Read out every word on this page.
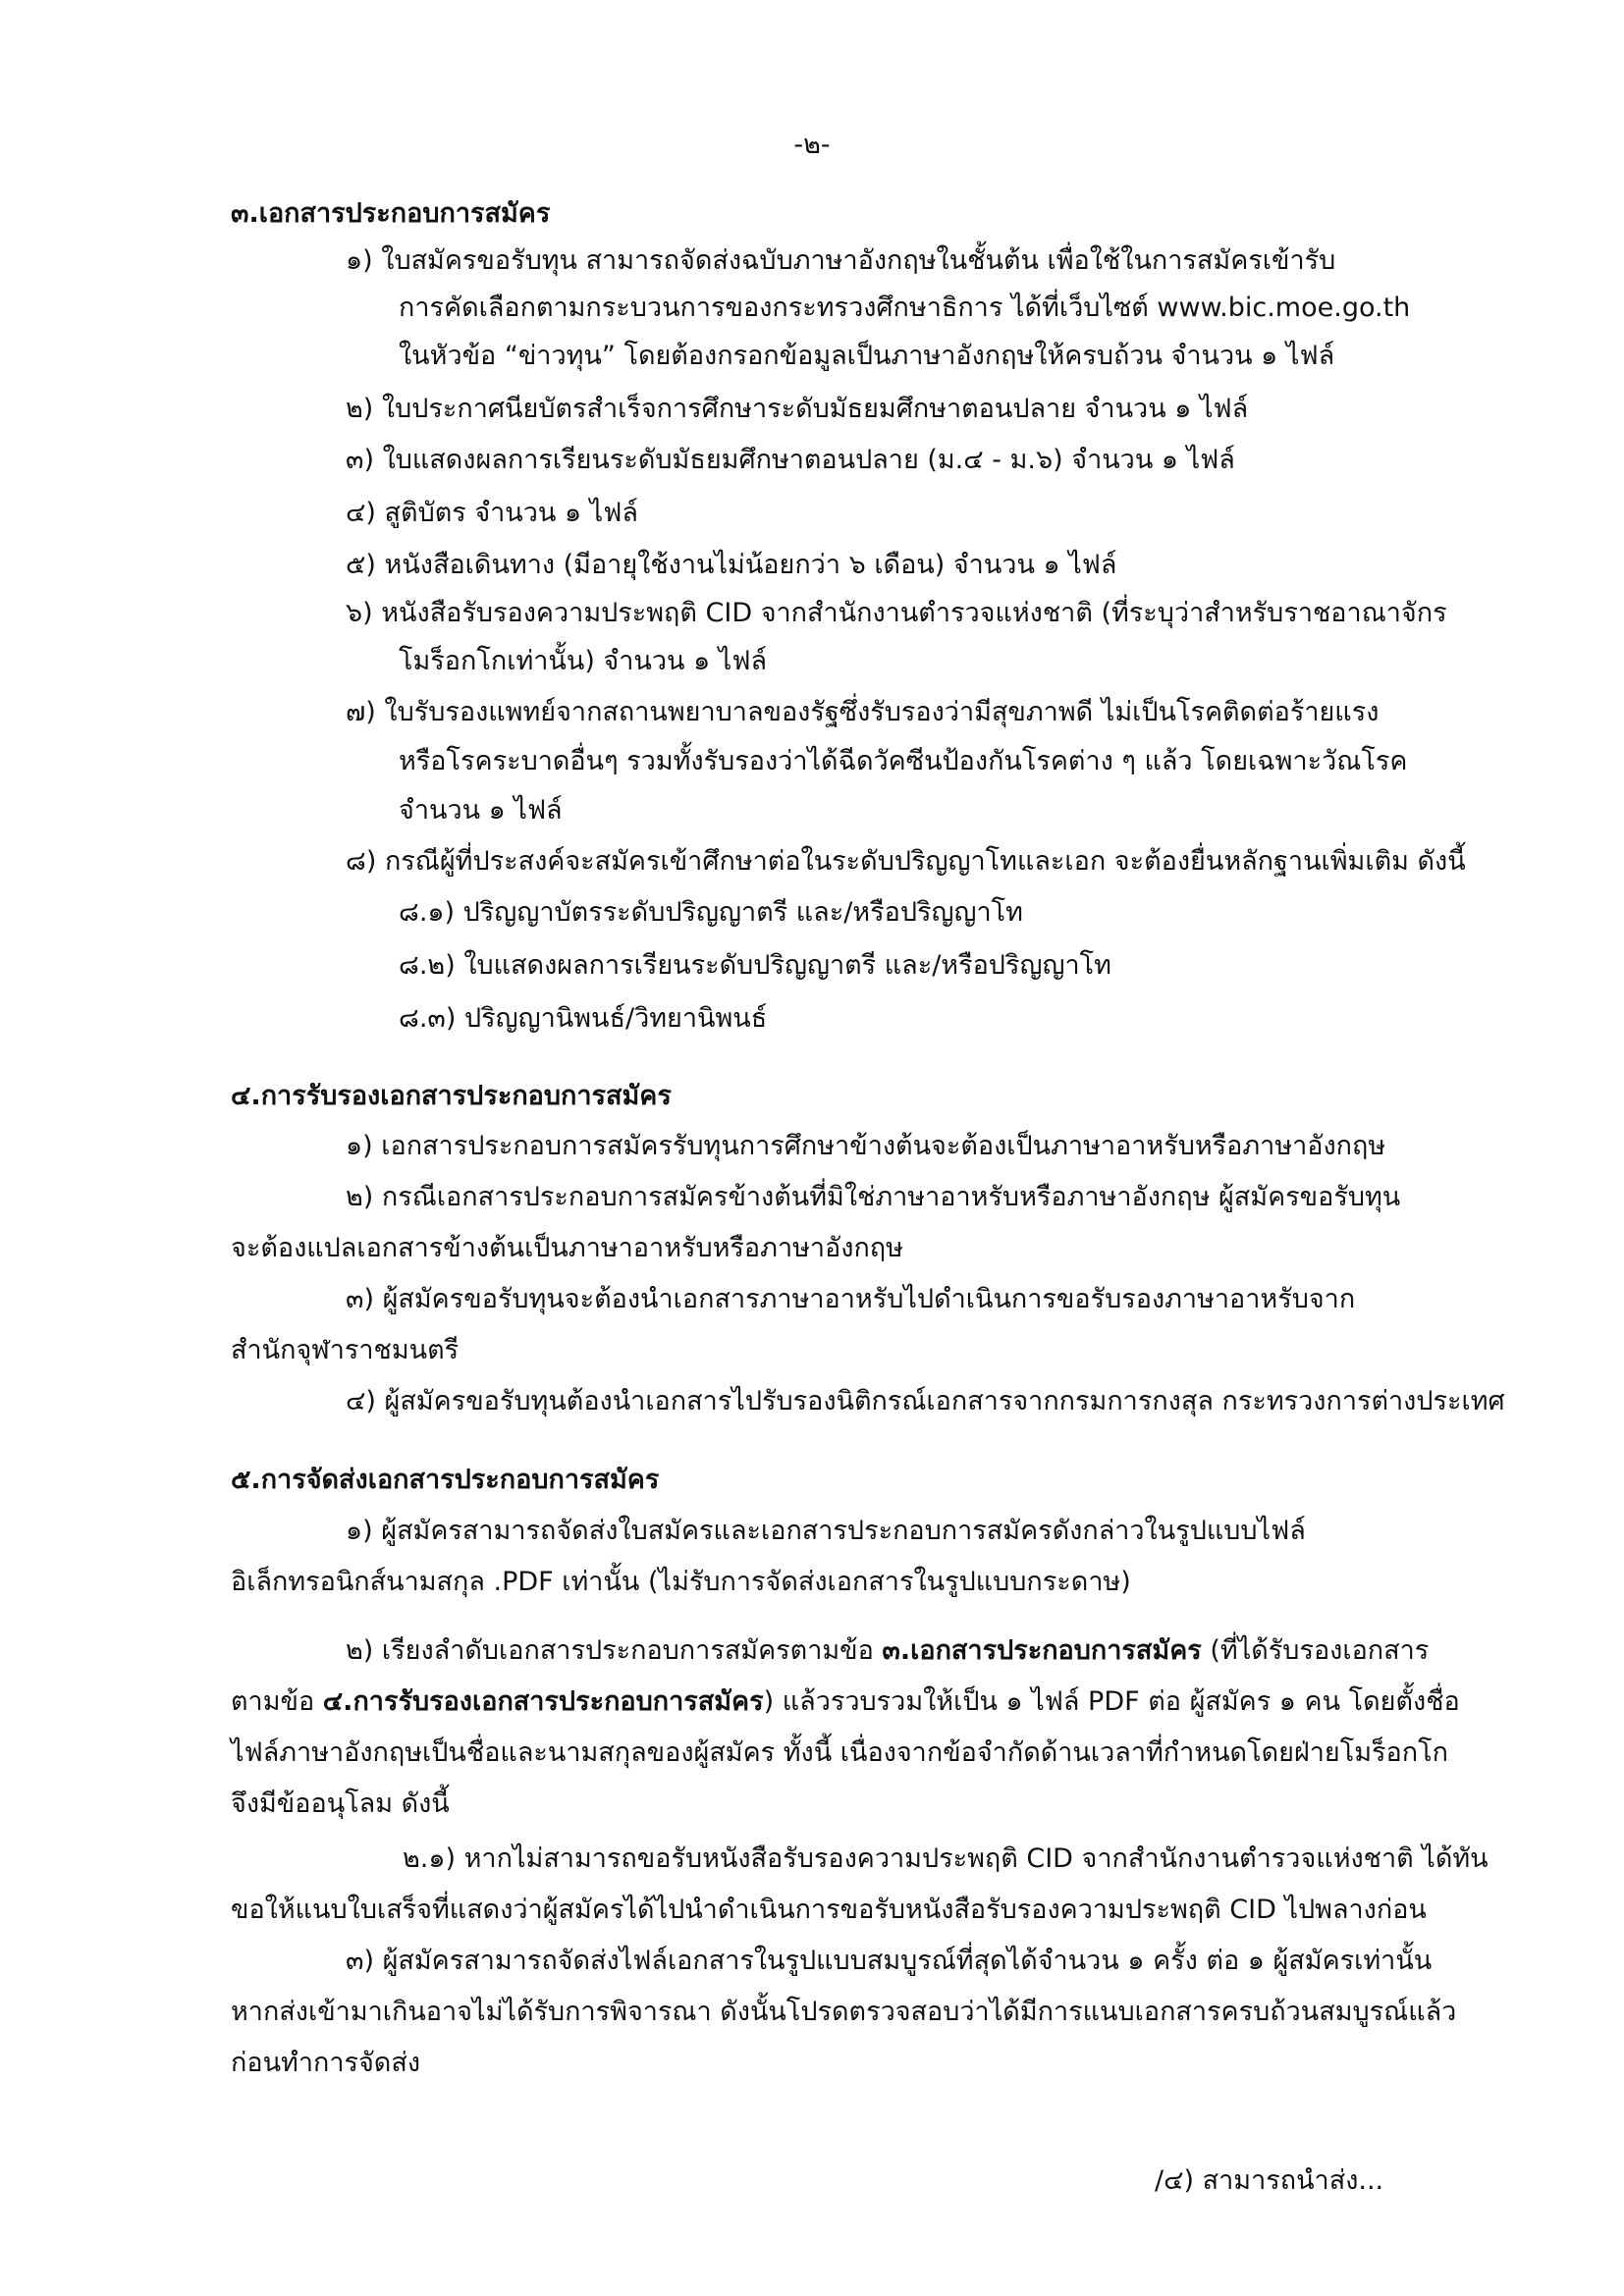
-๒-

๓.เอกสารประกอบการสมัคร

๑) ใบสมัครขอรับทุน สามารถจัดส่งฉบับภาษาอังกฤษในชั้นต้น เพื่อใช้ในการสมัครเข้ารับ

การคัดเลือกตามกระบวนการของกระทรวงศึกษาธิการ ได้ที่เว็บไซต์ www.bic.moe.go.th

ในหัวข้อ “ข่าวทุน” โดยต้องกรอกข้อมูลเป็นภาษาอังกฤษให้ครบถ้วน จำนวน ๑ ไฟล์

๒) ใบประกาศนียบัตรสำเร็จการศึกษาระดับมัธยมศึกษาตอนปลาย จำนวน ๑ ไฟล์

๓) ใบแสดงผลการเรียนระดับมัธยมศึกษาตอนปลาย (ม.๔ - ม.๖) จำนวน ๑ ไฟล์

๔) สูติบัตร จำนวน ๑ ไฟล์

๕) หนังสือเดินทาง (มีอายุใช้งานไม่น้อยกว่า ๖ เดือน) จำนวน ๑ ไฟล์

๖) หนังสือรับรองความประพฤติ CID จากสำนักงานตำรวจแห่งชาติ (ที่ระบุว่าสำหรับราชอาณาจักร

โมร็อกโกเท่านั้น) จำนวน ๑ ไฟล์

๗) ใบรับรองแพทย์จากสถานพยาบาลของรัฐซึ่งรับรองว่ามีสุขภาพดี ไม่เป็นโรคติดต่อร้ายแรง

หรือโรคระบาดอื่นๆ รวมทั้งรับรองว่าได้ฉีดวัคซีนป้องกันโรคต่าง ๆ แล้ว โดยเฉพาะวัณโรค

จำนวน ๑ ไฟล์

๘) กรณีผู้ที่ประสงค์จะสมัครเข้าศึกษาต่อในระดับปริญญาโทและเอก จะต้องยื่นหลักฐานเพิ่มเติม ดังนี้

๘.๑) ปริญญาบัตรระดับปริญญาตรี และ/หรือปริญญาโท

๘.๒) ใบแสดงผลการเรียนระดับปริญญาตรี และ/หรือปริญญาโท

๘.๓) ปริญญานิพนธ์/วิทยานิพนธ์

๔.การรับรองเอกสารประกอบการสมัคร

๑) เอกสารประกอบการสมัครรับทุนการศึกษาข้างต้นจะต้องเป็นภาษาอาหรับหรือภาษาอังกฤษ

๒) กรณีเอกสารประกอบการสมัครข้างต้นที่มิใช่ภาษาอาหรับหรือภาษาอังกฤษ ผู้สมัครขอรับทุน

จะต้องแปลเอกสารข้างต้นเป็นภาษาอาหรับหรือภาษาอังกฤษ

๓) ผู้สมัครขอรับทุนจะต้องนำเอกสารภาษาอาหรับไปดำเนินการขอรับรองภาษาอาหรับจาก

สำนักจุฬาราชมนตรี

๔) ผู้สมัครขอรับทุนต้องนำเอกสารไปรับรองนิติกรณ์เอกสารจากกรมการกงสุล กระทรวงการต่างประเทศ

๕.การจัดส่งเอกสารประกอบการสมัคร

๑) ผู้สมัครสามารถจัดส่งใบสมัครและเอกสารประกอบการสมัครดังกล่าวในรูปแบบไฟล์

อิเล็กทรอนิกส์นามสกุล .PDF เท่านั้น (ไม่รับการจัดส่งเอกสารในรูปแบบกระดาษ)

๒) เรียงลำดับเอกสารประกอบการสมัครตามข้อ ๓.เอกสารประกอบการสมัคร (ที่ได้รับรองเอกสาร

ตามข้อ ๔.การรับรองเอกสารประกอบการสมัคร) แล้วรวบรวมให้เป็น ๑ ไฟล์ PDF ต่อ ผู้สมัคร ๑ คน โดยตั้งชื่อ

ไฟล์ภาษาอังกฤษเป็นชื่อและนามสกุลของผู้สมัคร ทั้งนี้ เนื่องจากข้อจำกัดด้านเวลาที่กำหนดโดยฝ่ายโมร็อกโก

จึงมีข้ออนุโลม ดังนี้

๒.๑) หากไม่สามารถขอรับหนังสือรับรองความประพฤติ CID จากสำนักงานตำรวจแห่งชาติ ได้ทัน

ขอให้แนบใบเสร็จที่แสดงว่าผู้สมัครได้ไปนำดำเนินการขอรับหนังสือรับรองความประพฤติ CID ไปพลางก่อน

๓) ผู้สมัครสามารถจัดส่งไฟล์เอกสารในรูปแบบสมบูรณ์ที่สุดได้จำนวน ๑ ครั้ง ต่อ ๑ ผู้สมัครเท่านั้น

หากส่งเข้ามาเกินอาจไม่ได้รับการพิจารณา ดังนั้นโปรดตรวจสอบว่าได้มีการแนบเอกสารครบถ้วนสมบูรณ์แล้ว

ก่อนทำการจัดส่ง

/๔) สามารถนำส่ง...
